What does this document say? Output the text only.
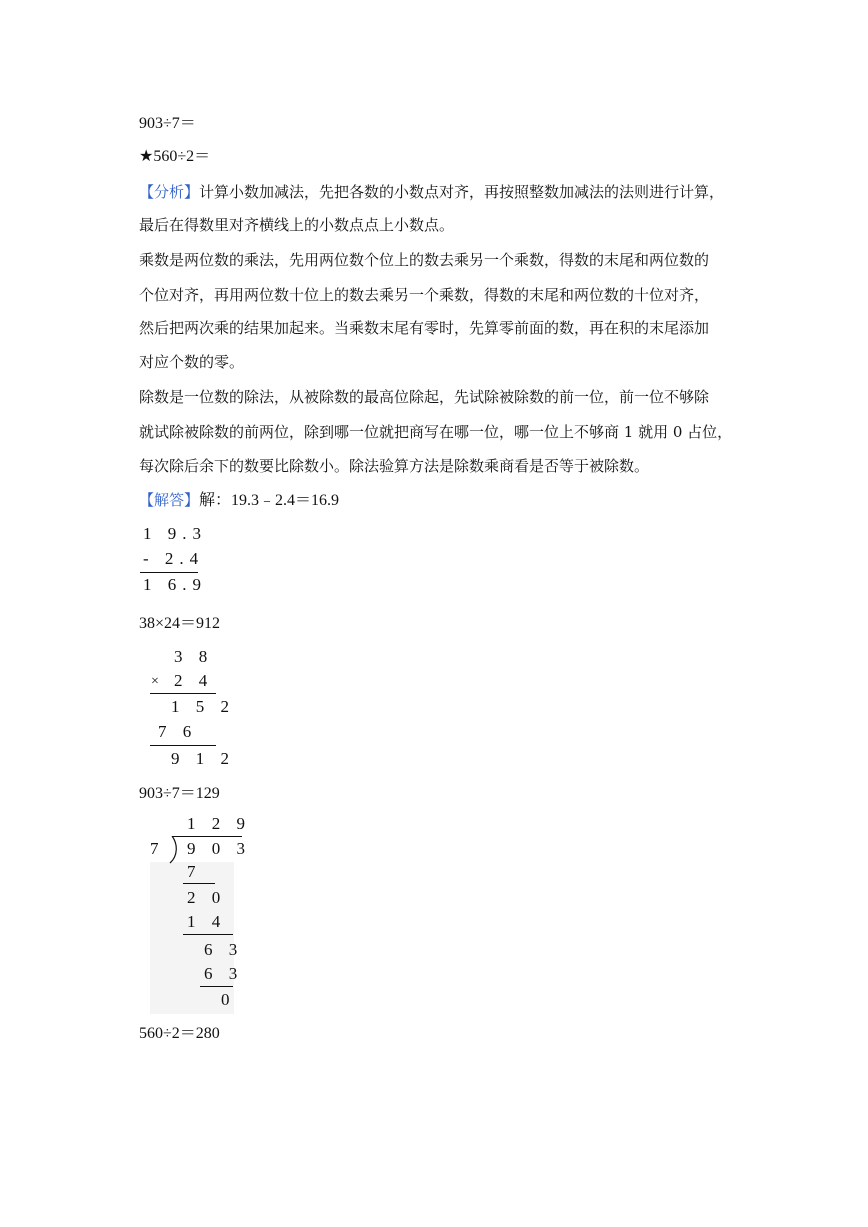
903÷7＝
★560÷2＝
【分析】计算小数加减法，先把各数的小数点对齐，再按照整数加减法的法则进行计算，
最后在得数里对齐横线上的小数点点上小数点。
乘数是两位数的乘法，先用两位数个位上的数去乘另一个乘数，得数的末尾和两位数的
个位对齐，再用两位数十位上的数去乘另一个乘数，得数的末尾和两位数的十位对齐，
然后把两次乘的结果加起来。当乘数末尾有零时，先算零前面的数，再在积的末尾添加
对应个数的零。
除数是一位数的除法，从被除数的最高位除起，先试除被除数的前一位，前一位不够除
就试除被除数的前两位，除到哪一位就把商写在哪一位，哪一位上不够商 1 就用 0 占位，
每次除后余下的数要比除数小。除法验算方法是除数乘商看是否等于被除数。
【解答】解：19.3﹣2.4＝16.9
1 9.3
- 2.4
1 6.9
38×24＝912
3 8
× 2 4
1 5 2
7 6
9 1 2
903÷7＝129
1 2 9
7 9 0 3
7
2 0
1 4
6 3
6 3
0
560÷2＝280
